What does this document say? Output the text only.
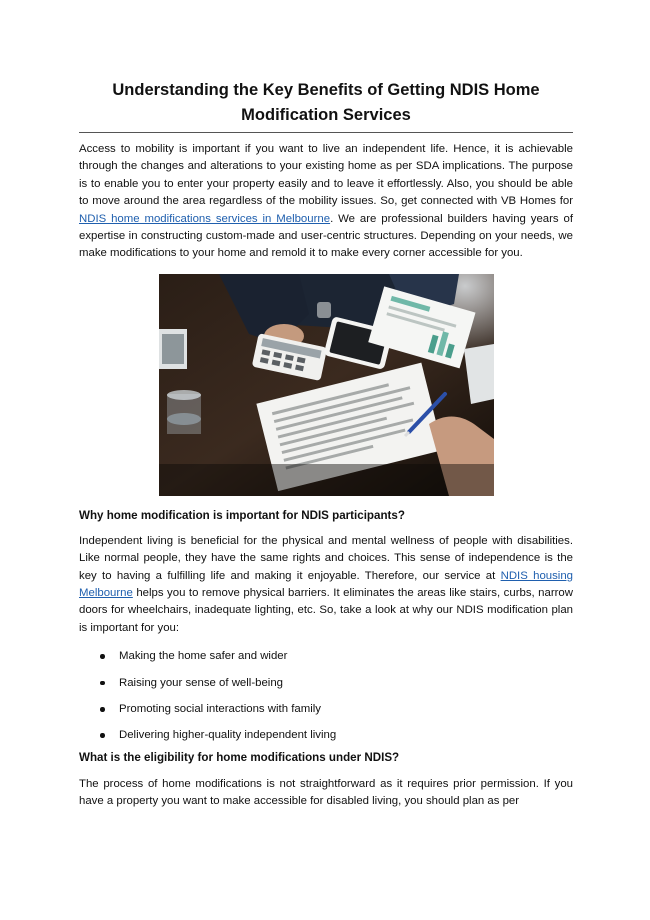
Understanding the Key Benefits of Getting NDIS Home
Modification Services

Access to mobility is important if you want to live an independent life. Hence, it is achievable through the changes and alterations to your existing home as per SDA implications. The purpose is to enable you to enter your property easily and to leave it effortlessly. Also, you should be able to move around the area regardless of the mobility issues. So, get connected with VB Homes for NDIS home modifications services in Melbourne. We are professional builders having years of expertise in constructing custom-made and user-centric structures. Depending on your needs, we make modifications to your home and remold it to make every corner accessible for you.

Why home modification is important for NDIS participants?

Independent living is beneficial for the physical and mental wellness of people with disabilities. Like normal people, they have the same rights and choices. This sense of independence is the key to having a fulfilling life and making it enjoyable. Therefore, our service at NDIS housing Melbourne helps you to remove physical barriers. It eliminates the areas like stairs, curbs, narrow doors for wheelchairs, inadequate lighting, etc. So, take a look at why our NDIS modification plan is important for you:

Making the home safer and wider
Raising your sense of well-being
Promoting social interactions with family
Delivering higher-quality independent living
What is the eligibility for home modifications under NDIS?

The process of home modifications is not straightforward as it requires prior permission. If you have a property you want to make accessible for disabled living, you should plan as per
